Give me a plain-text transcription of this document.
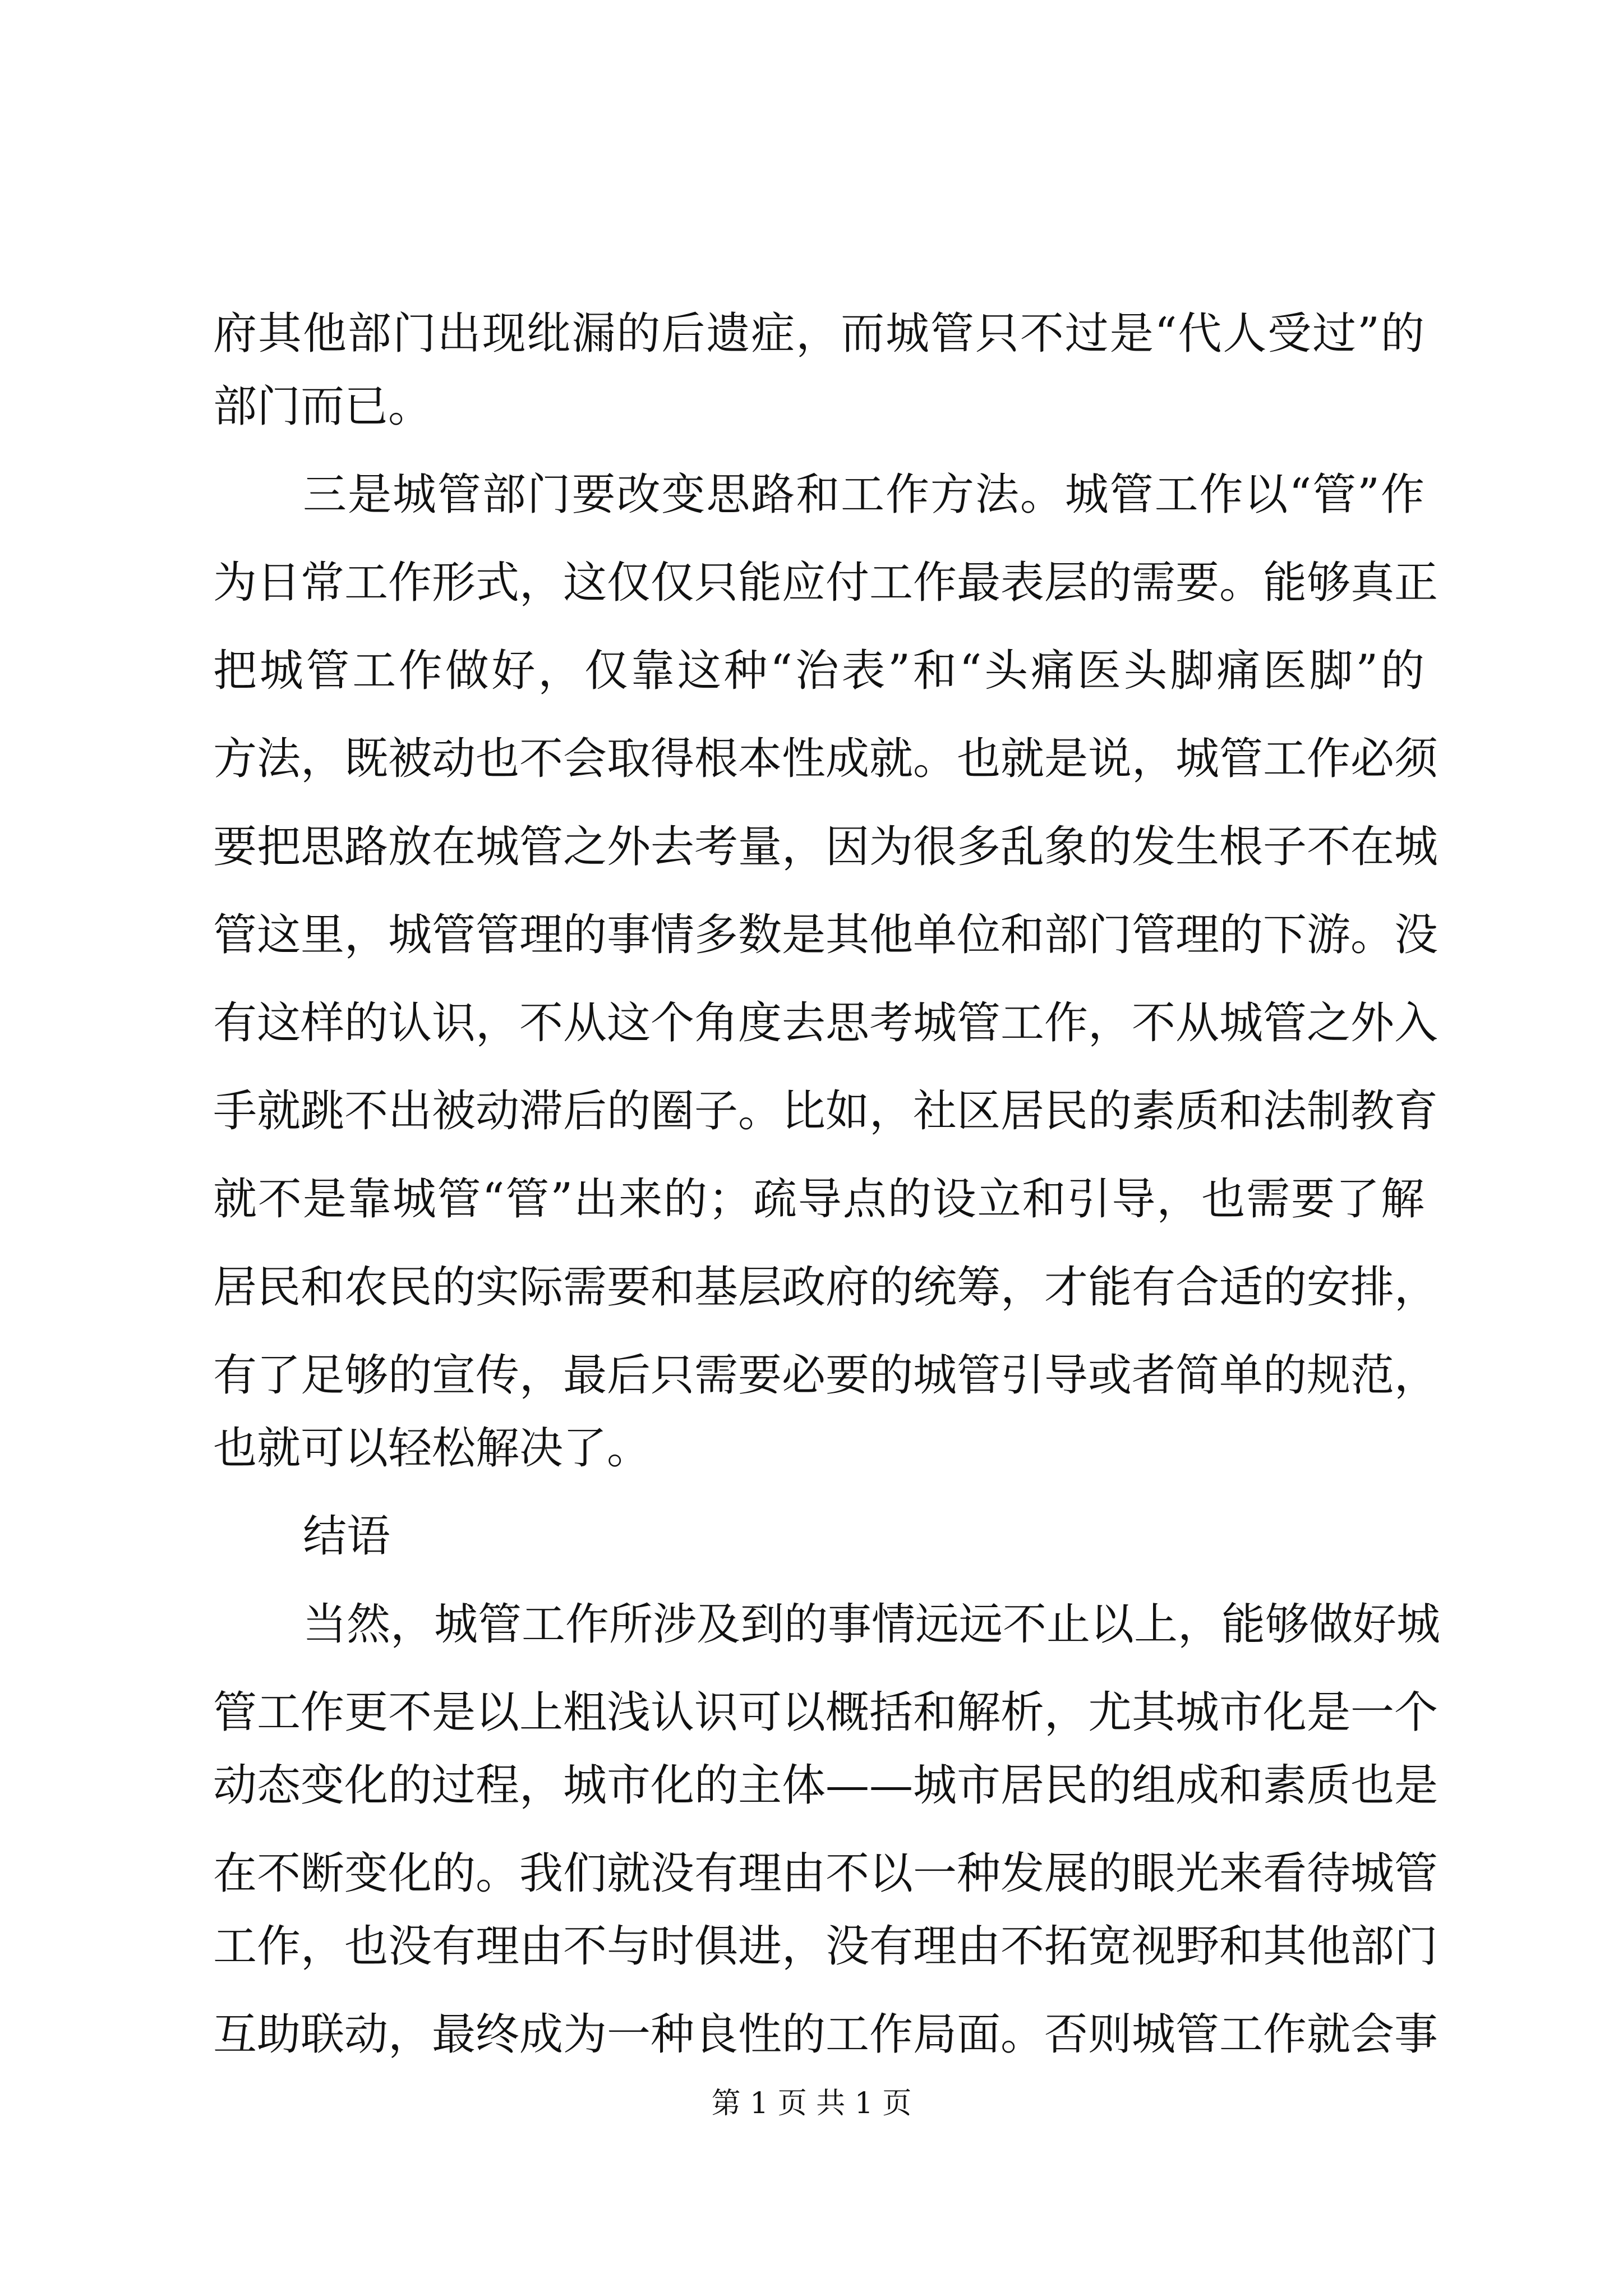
府其他部门出现纰漏的后遗症，而城管只不过是“代人受过”的
部门而已。
三是城管部门要改变思路和工作方法。城管工作以“管”作
为日常工作形式，这仅仅只能应付工作最表层的需要。能够真正
把城管工作做好，仅靠这种“治表”和“头痛医头脚痛医脚”的
方法，既被动也不会取得根本性成就。也就是说，城管工作必须
要把思路放在城管之外去考量，因为很多乱象的发生根子不在城
管这里，城管管理的事情多数是其他单位和部门管理的下游。没
有这样的认识，不从这个角度去思考城管工作，不从城管之外入
手就跳不出被动滞后的圈子。比如，社区居民的素质和法制教育
就不是靠城管“管”出来的；疏导点的设立和引导，也需要了解
居民和农民的实际需要和基层政府的统筹，才能有合适的安排，
有了足够的宣传，最后只需要必要的城管引导或者简单的规范，
也就可以轻松解决了。
结语
当然，城管工作所涉及到的事情远远不止以上，能够做好城
管工作更不是以上粗浅认识可以概括和解析，尤其城市化是一个
动态变化的过程，城市化的主体——城市居民的组成和素质也是
在不断变化的。我们就没有理由不以一种发展的眼光来看待城管
工作，也没有理由不与时俱进，没有理由不拓宽视野和其他部门
互助联动，最终成为一种良性的工作局面。否则城管工作就会事
第 1 页 共 1 页
